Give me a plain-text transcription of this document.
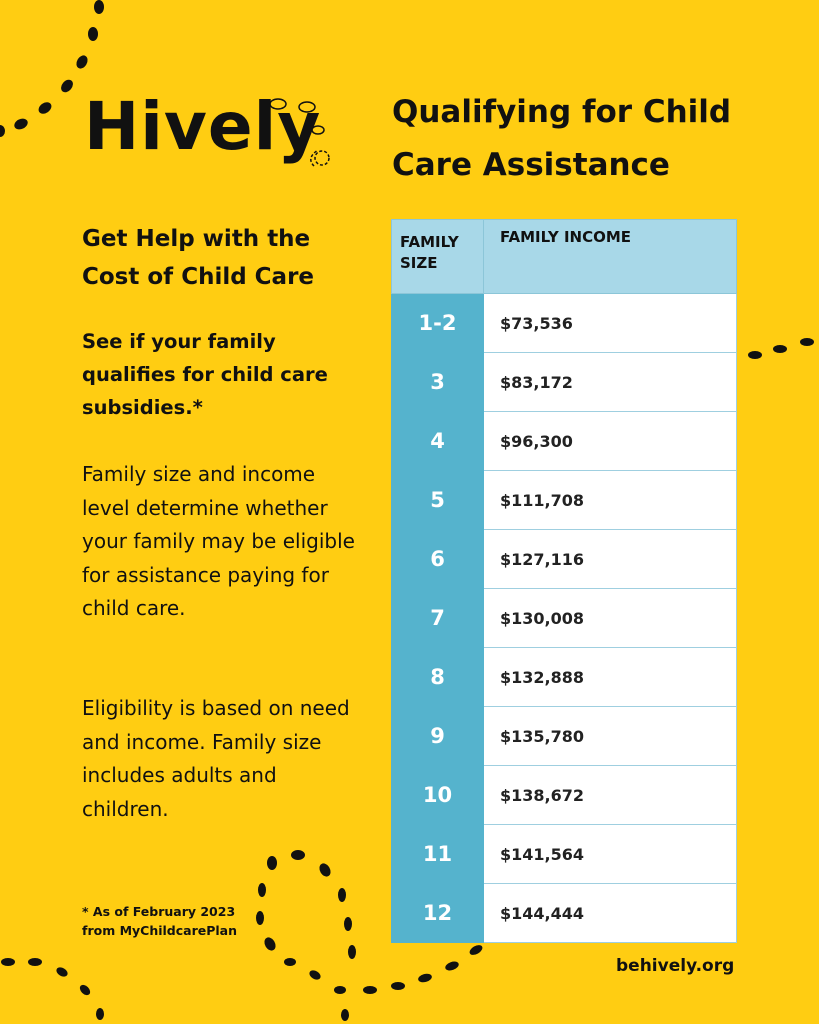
Hively Qualifying for Child Care Assistance
Get Help with the Cost of Child Care
See if your family qualifies for child care subsidies.*
Family size and income level determine whether your family may be eligible for assistance paying for child care.
Eligibility is based on need and income. Family size includes adults and children.
* As of February 2023
from MyChildcarePlan
FAMILY SIZE	FAMILY INCOME
1-2	$73,536
3	$83,172
4	$96,300
5	$111,708
6	$127,116
7	$130,008
8	$132,888
9	$135,780
10	$138,672
11	$141,564
12	$144,444
behively.org
